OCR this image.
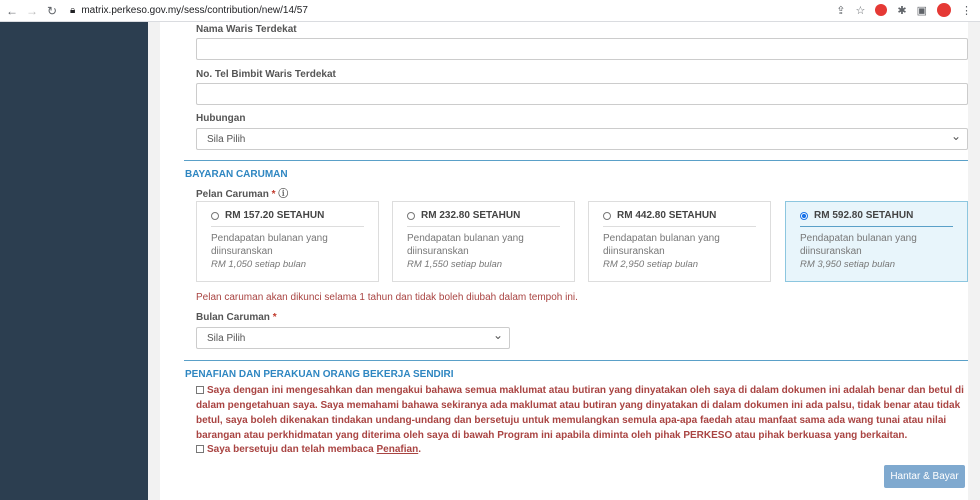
← → ↻ 🔒︎ matrix.perkeso.gov.my/sess/contribution/new/14/57	⇪ ☆	✱ ▣	⋮
Nama Waris Terdekat
No. Tel Bimbit Waris Terdekat
Hubungan
Sila Pilih ⌄
BAYARAN CARUMAN
Pelan Caruman * ⓘ
RM 157.20 SETAHUN
Pendapatan bulanan yang diinsuranskan
RM 1,050 setiap bulan
RM 232.80 SETAHUN
Pendapatan bulanan yang diinsuranskan
RM 1,550 setiap bulan
RM 442.80 SETAHUN
Pendapatan bulanan yang diinsuranskan
RM 2,950 setiap bulan
RM 592.80 SETAHUN
Pendapatan bulanan yang diinsuranskan
RM 3,950 setiap bulan
Pelan caruman akan dikunci selama 1 tahun dan tidak boleh diubah dalam tempoh ini.
Bulan Caruman *
Sila Pilih ⌄
PENAFIAN DAN PERAKUAN ORANG BEKERJA SENDIRI
Saya dengan ini mengesahkan dan mengakui bahawa semua maklumat atau butiran yang dinyatakan oleh saya di dalam dokumen ini adalah benar dan betul di dalam pengetahuan saya. Saya memahami bahawa sekiranya ada maklumat atau butiran yang dinyatakan di dalam dokumen ini ada palsu, tidak benar atau tidak betul, saya boleh dikenakan tindakan undang-undang dan bersetuju untuk memulangkan semula apa-apa faedah atau manfaat sama ada wang tunai atau nilai barangan atau perkhidmatan yang diterima oleh saya di bawah Program ini apabila diminta oleh pihak PERKESO atau pihak berkuasa yang berkaitan.
Saya bersetuju dan telah membaca Penafian.
Hantar & Bayar
